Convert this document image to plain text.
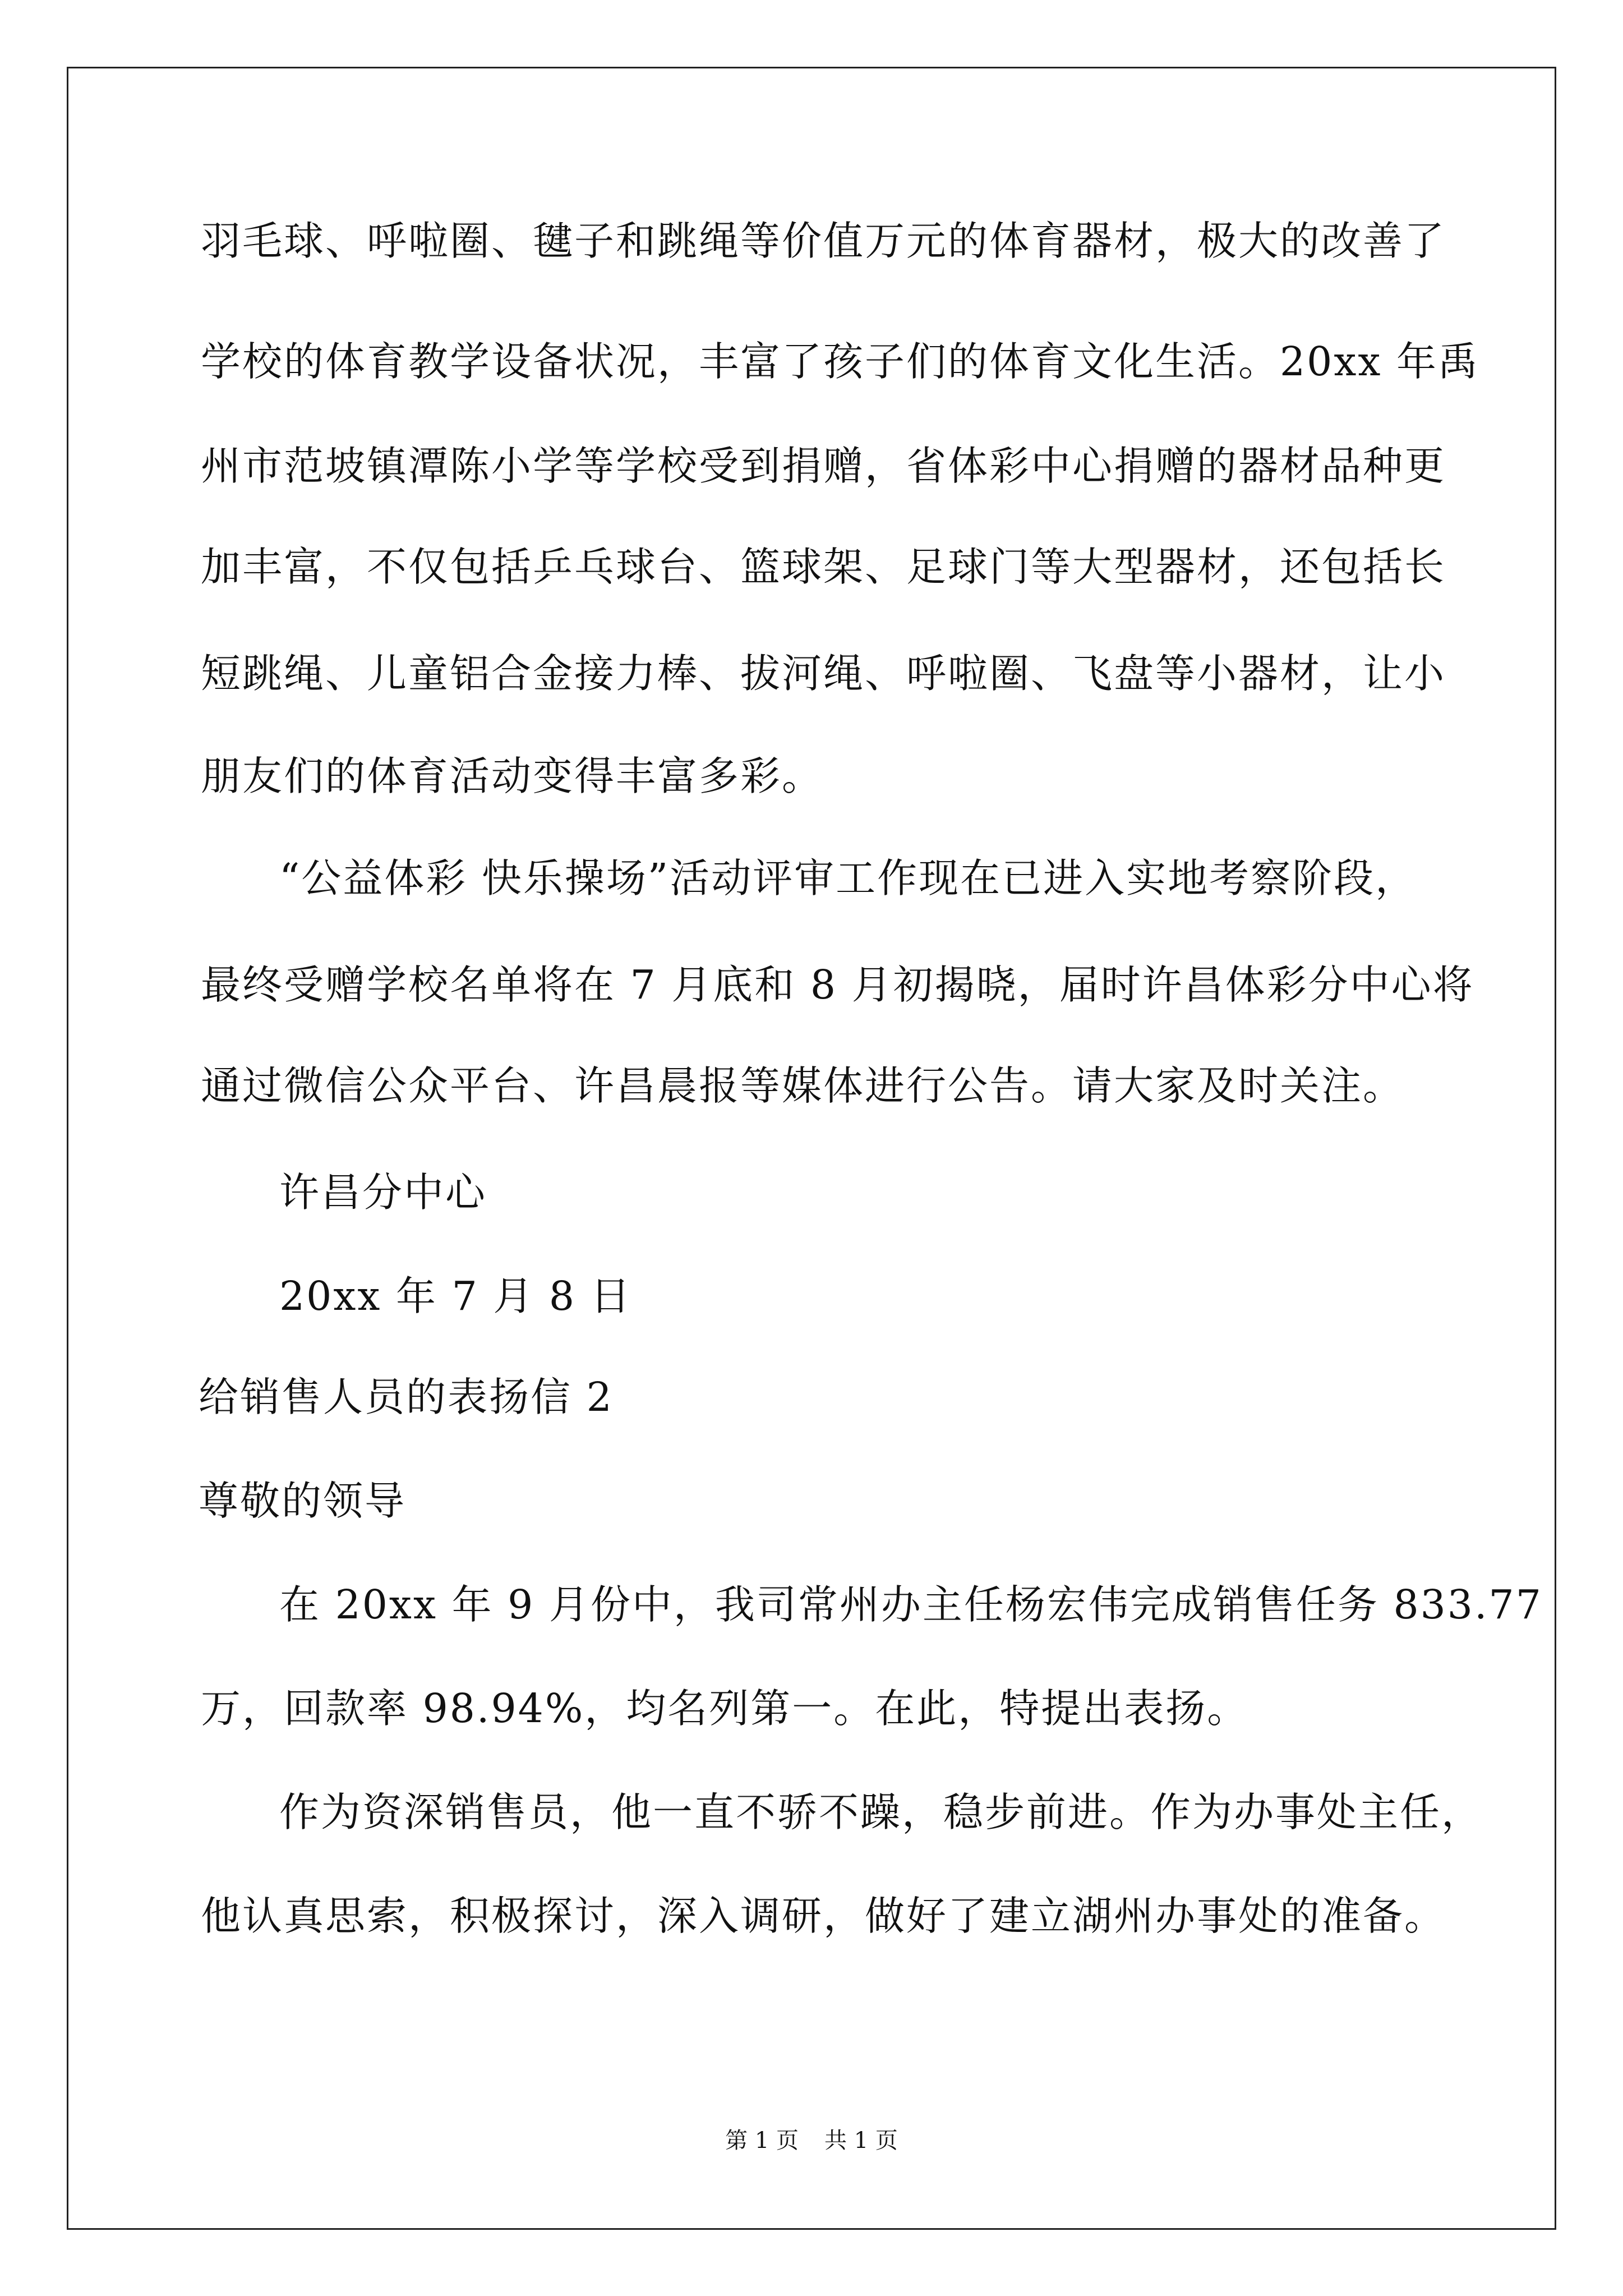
羽毛球、呼啦圈、毽子和跳绳等价值万元的体育器材，极大的改善了
学校的体育教学设备状况，丰富了孩子们的体育文化生活。20xx 年禹
州市范坡镇潭陈小学等学校受到捐赠，省体彩中心捐赠的器材品种更
加丰富，不仅包括乒乓球台、篮球架、足球门等大型器材，还包括长
短跳绳、儿童铝合金接力棒、拔河绳、呼啦圈、飞盘等小器材，让小
朋友们的体育活动变得丰富多彩。
“公益体彩 快乐操场”活动评审工作现在已进入实地考察阶段，
最终受赠学校名单将在 7 月底和 8 月初揭晓，届时许昌体彩分中心将
通过微信公众平台、许昌晨报等媒体进行公告。请大家及时关注。
许昌分中心
20xx 年 7 月 8 日
给销售人员的表扬信 2
尊敬的领导
在 20xx 年 9 月份中，我司常州办主任杨宏伟完成销售任务 833.77
万，回款率 98.94%，均名列第一。在此，特提出表扬。
作为资深销售员，他一直不骄不躁，稳步前进。作为办事处主任，
他认真思索，积极探讨，深入调研，做好了建立湖州办事处的准备。
第 1 页 共 1 页
